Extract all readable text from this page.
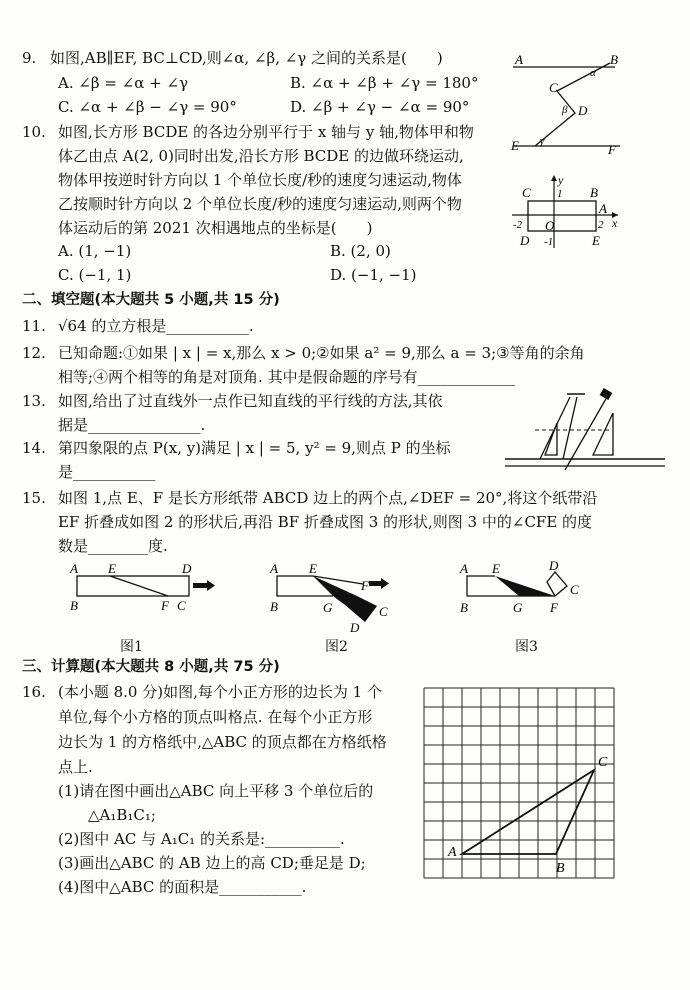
9. 如图,AB∥EF, BC⊥CD,则∠α, ∠β, ∠γ 之间的关系是(　　)
A. ∠β = ∠α + ∠γ	B. ∠α + ∠β + ∠γ = 180°
C. ∠α + ∠β − ∠γ = 90°	D. ∠β + ∠γ − ∠α = 90°
A	B
C
D
E	F
α
β
γ
10. 如图,长方形 BCDE 的各边分别平行于 x 轴与 y 轴,物体甲和物
体乙由点 A(2, 0)同时出发,沿长方形 BCDE 的边做环绕运动,
物体甲按逆时针方向以 1 个单位长度/秒的速度匀速运动,物体
乙按顺时针方向以 2 个单位长度/秒的速度匀速运动,则两个物
体运动后的第 2021 次相遇地点的坐标是(　　)
A. (1, −1)	B. (2, 0)
C. (−1, 1)	D. (−1, −1)
y
x
C	B
A
O
D	E
1
-2	2
-1
二、填空题(本大题共 5 小题,共 15 分)
11. √64 的立方根是___________.
12. 已知命题:①如果 | x | = x,那么 x > 0;②如果 a² = 9,那么 a = 3;③等角的余角
相等;④两个相等的角是对顶角. 其中是假命题的序号有_____________
13. 如图,给出了过直线外一点作已知直线的平行线的方法,其依
据是_______________.
14. 第四象限的点 P(x, y)满足 | x | = 5, y² = 9,则点 P 的坐标
是___________
15. 如图 1,点 E、F 是长方形纸带 ABCD 边上的两个点,∠DEF = 20°,将这个纸带沿
EF 折叠成如图 2 的形状后,再沿 BF 折叠成图 3 的形状,则图 3 中的∠CFE 的度
数是________度.
A E	D
B	F C
A E
F
B	G	C
D
A E	D
C
B	G F
图1	图2	图3
三、计算题(本大题共 8 小题,共 75 分)
16. (本小题 8.0 分)如图,每个小正方形的边长为 1 个
单位,每个小方格的顶点叫格点. 在每个小正方形
边长为 1 的方格纸中,△ABC 的顶点都在方格纸格
点上.
(1)请在图中画出△ABC 向上平移 3 个单位后的
△A₁B₁C₁;
(2)图中 AC 与 A₁C₁ 的关系是:__________.
(3)画出△ABC 的 AB 边上的高 CD;垂足是 D;
(4)图中△ABC 的面积是___________.
A
B
C
